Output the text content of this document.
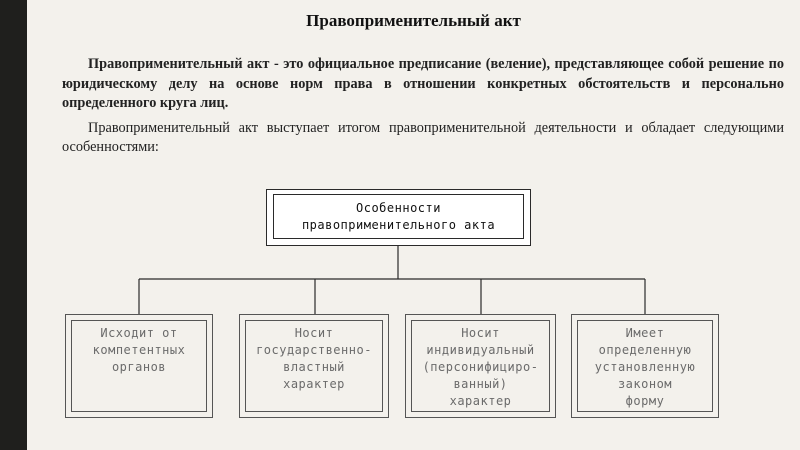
Правоприменительный акт

Правоприменительный акт - это официальное предписание (веление), представляющее собой решение по юридическому делу на основе норм права в отношении конкретных обстоятельств и персонально определенного круга лиц.

Правоприменительный акт выступает итогом правоприменительной деятельности и обладает следующими особенностями:

Особенности
правоприменительного акта
Исходит от
компетентных
органов
Носит
государственно-
властный
характер
Носит
индивидуальный
(персонифициро-
ванный)
характер
Имеет
определенную
установленную
законом
форму
